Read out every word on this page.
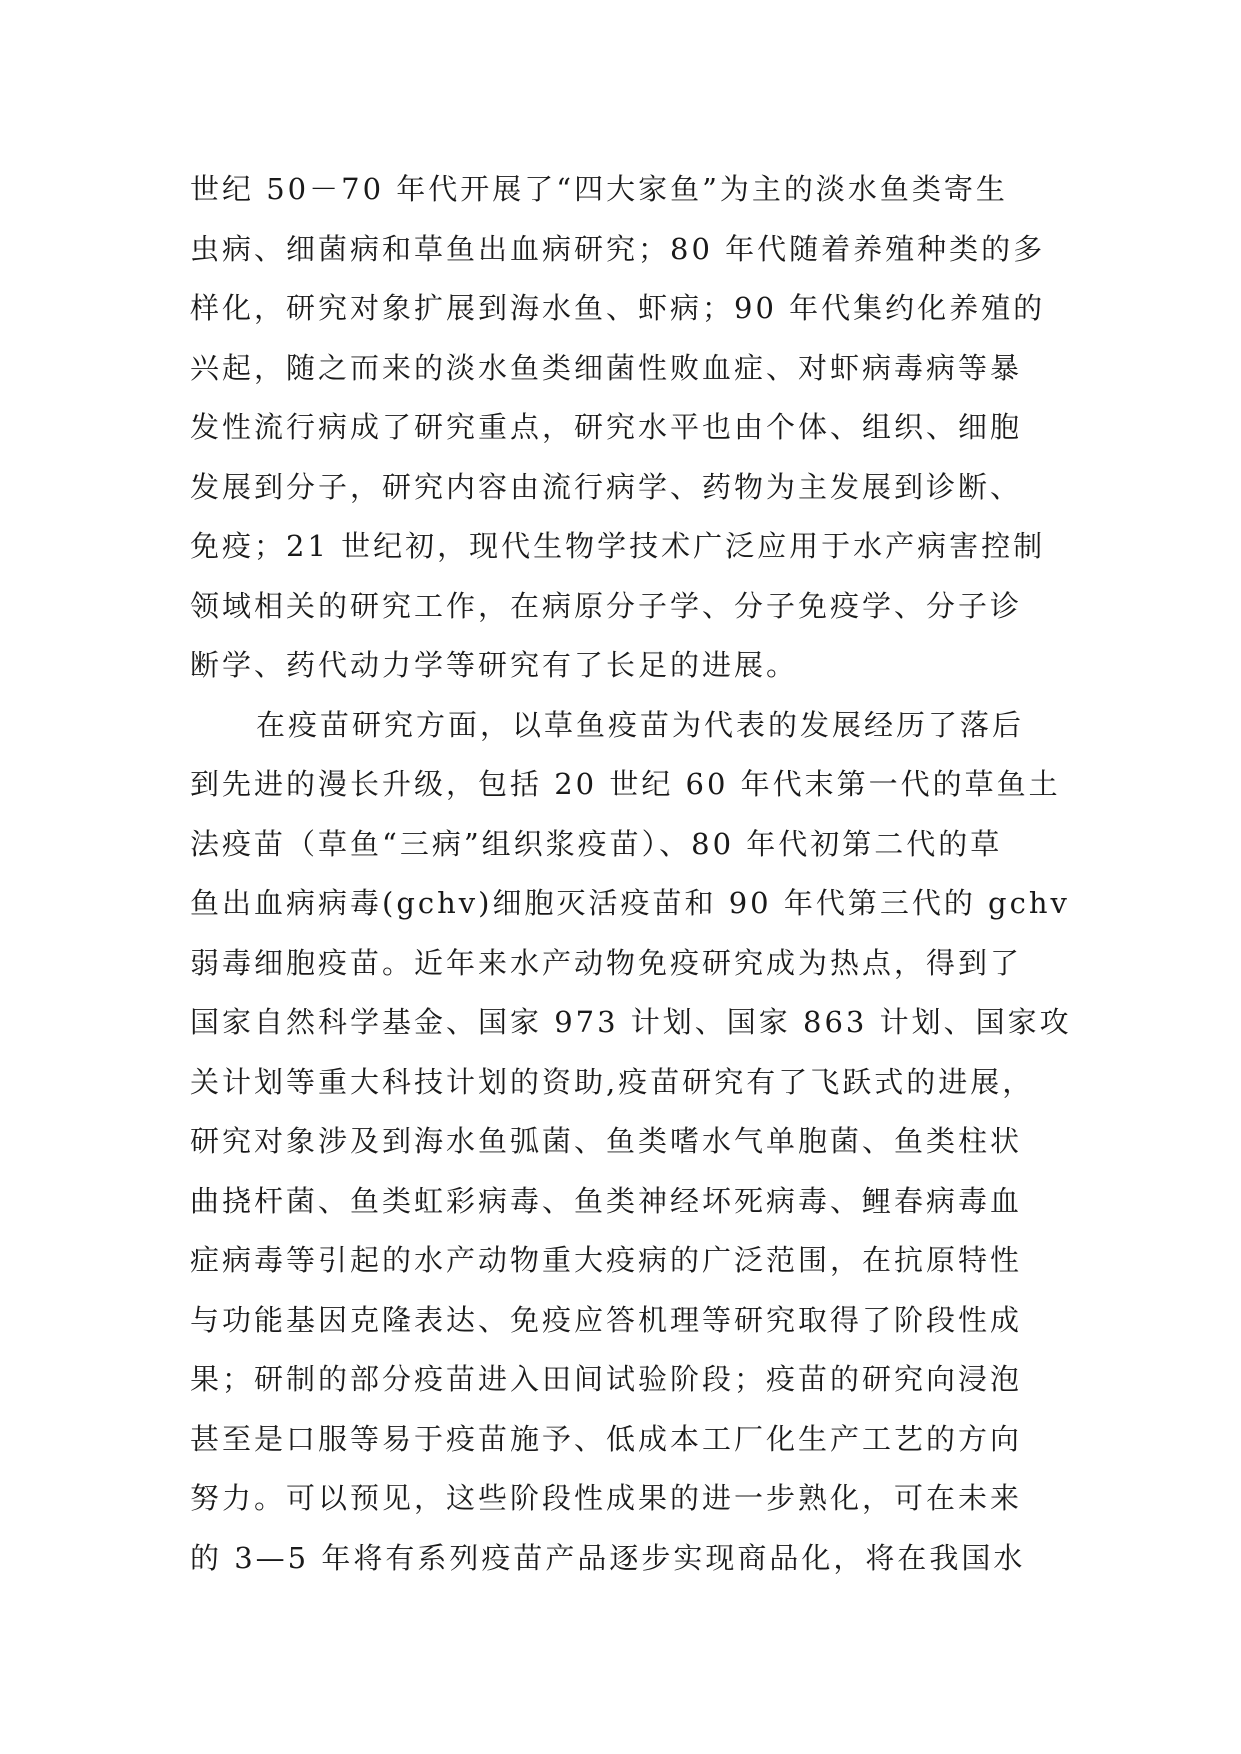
世纪 50－70 年代开展了“四大家鱼”为主的淡水鱼类寄生
虫病、细菌病和草鱼出血病研究；80 年代随着养殖种类的多
样化，研究对象扩展到海水鱼、虾病；90 年代集约化养殖的
兴起，随之而来的淡水鱼类细菌性败血症、对虾病毒病等暴
发性流行病成了研究重点，研究水平也由个体、组织、细胞
发展到分子，研究内容由流行病学、药物为主发展到诊断、
免疫；21 世纪初，现代生物学技术广泛应用于水产病害控制
领域相关的研究工作，在病原分子学、分子免疫学、分子诊
断学、药代动力学等研究有了长足的进展。
在疫苗研究方面，以草鱼疫苗为代表的发展经历了落后
到先进的漫长升级，包括 20 世纪 60 年代末第一代的草鱼土
法疫苗（草鱼“三病”组织浆疫苗）、80 年代初第二代的草
鱼出血病病毒(gchv)细胞灭活疫苗和 90 年代第三代的 gchv
弱毒细胞疫苗。近年来水产动物免疫研究成为热点，得到了
国家自然科学基金、国家 973 计划、国家 863 计划、国家攻
关计划等重大科技计划的资助,疫苗研究有了飞跃式的进展，
研究对象涉及到海水鱼弧菌、鱼类嗜水气单胞菌、鱼类柱状
曲挠杆菌、鱼类虹彩病毒、鱼类神经坏死病毒、鲤春病毒血
症病毒等引起的水产动物重大疫病的广泛范围，在抗原特性
与功能基因克隆表达、免疫应答机理等研究取得了阶段性成
果；研制的部分疫苗进入田间试验阶段；疫苗的研究向浸泡
甚至是口服等易于疫苗施予、低成本工厂化生产工艺的方向
努力。可以预见，这些阶段性成果的进一步熟化，可在未来
的 3—5 年将有系列疫苗产品逐步实现商品化，将在我国水
